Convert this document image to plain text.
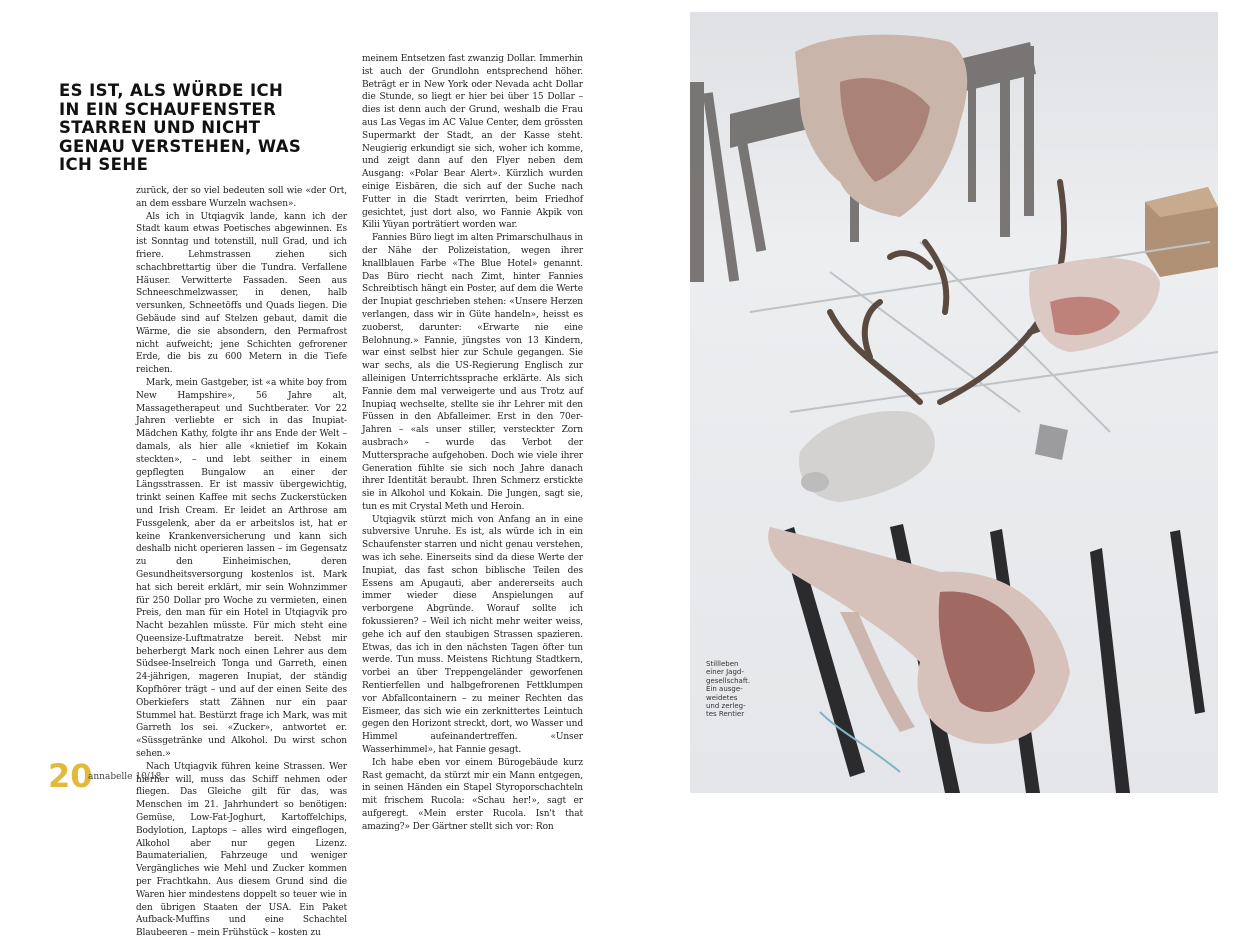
ES IST, ALS WÜRDE ICH IN EIN SCHAUFENSTER STARREN UND NICHT GENAU VERSTEHEN, WAS ICH SEHE

zurück, der so viel bedeuten soll wie «der Ort, an dem essbare Wurzeln wachsen».

Als ich in Utqiagvik lande, kann ich der Stadt kaum etwas Poetisches abgewinnen. Es ist Sonntag und totenstill, null Grad, und ich friere. Lehmstrassen ziehen sich schachbrettartig über die Tundra. Verfallene Häuser. Verwitterte Fassaden. Seen aus Schneeschmelzwasser, in denen, halb versunken, Schneetöffs und Quads liegen. Die Gebäude sind auf Stelzen gebaut, damit die Wärme, die sie absondern, den Permafrost nicht aufweicht; jene Schichten gefrorener Erde, die bis zu 600 Metern in die Tiefe reichen.

Mark, mein Gastgeber, ist «a white boy from New Hampshire», 56 Jahre alt, Massagetherapeut und Suchtberater. Vor 22 Jahren verliebte er sich in das Inupiat-Mädchen Kathy, folgte ihr ans Ende der Welt – damals, als hier alle «knietief im Kokain steckten», – und lebt seither in einem gepflegten Bungalow an einer der Längsstrassen. Er ist massiv übergewichtig, trinkt seinen Kaffee mit sechs Zuckerstücken und Irish Cream. Er leidet an Arthrose am Fussgelenk, aber da er arbeitslos ist, hat er keine Krankenversicherung und kann sich deshalb nicht operieren lassen – im Gegensatz zu den Einheimischen, deren Gesundheitsversorgung kostenlos ist. Mark hat sich bereit erklärt, mir sein Wohnzimmer für 250 Dollar pro Woche zu vermieten, einen Preis, den man für ein Hotel in Utqiagvik pro Nacht bezahlen müsste. Für mich steht eine Queensize-Luftmatratze bereit. Nebst mir beherbergt Mark noch einen Lehrer aus dem Südsee-Inselreich Tonga und Garreth, einen 24-jährigen, mageren Inupiat, der ständig Kopfhörer trägt – und auf der einen Seite des Oberkiefers statt Zähnen nur ein paar Stummel hat. Bestürzt frage ich Mark, was mit Garreth los sei. «Zucker», antwortet er. «Süssgetränke und Alkohol. Du wirst schon sehen.»

Nach Utqiagvik führen keine Strassen. Wer hierher will, muss das Schiff nehmen oder fliegen. Das Gleiche gilt für das, was Menschen im 21. Jahrhundert so benötigen: Gemüse, Low-Fat-Joghurt, Kartoffelchips, Bodylotion, Laptops – alles wird eingeflogen, Alkohol aber nur gegen Lizenz. Baumaterialien, Fahrzeuge und weniger Vergängliches wie Mehl und Zucker kommen per Frachtkahn. Aus diesem Grund sind die Waren hier mindestens doppelt so teuer wie in den übrigen Staaten der USA. Ein Paket Aufback-Muffins und eine Schachtel Blaubeeren – mein Frühstück – kosten zu

meinem Entsetzen fast zwanzig Dollar. Immerhin ist auch der Grundlohn entsprechend höher. Beträgt er in New York oder Nevada acht Dollar die Stunde, so liegt er hier bei über 15 Dollar – dies ist denn auch der Grund, weshalb die Frau aus Las Vegas im AC Value Center, dem grössten Supermarkt der Stadt, an der Kasse steht. Neugierig erkundigt sie sich, woher ich komme, und zeigt dann auf den Flyer neben dem Ausgang: «Polar Bear Alert». Kürzlich wurden einige Eisbären, die sich auf der Suche nach Futter in die Stadt verirrten, beim Friedhof gesichtet, just dort also, wo Fannie Akpik von Kilii Yüyan porträtiert worden war.

Fannies Büro liegt im alten Primarschulhaus in der Nähe der Polizeistation, wegen ihrer knallblauen Farbe «The Blue Hotel» genannt. Das Büro riecht nach Zimt, hinter Fannies Schreibtisch hängt ein Poster, auf dem die Werte der Inupiat geschrieben stehen: «Unsere Herzen verlangen, dass wir in Güte handeln», heisst es zuoberst, darunter: «Erwarte nie eine Belohnung.» Fannie, jüngstes von 13 Kindern, war einst selbst hier zur Schule gegangen. Sie war sechs, als die US-Regierung Englisch zur alleinigen Unterrichtssprache erklärte. Als sich Fannie dem mal verweigerte und aus Trotz auf Inupiaq wechselte, stellte sie ihr Lehrer mit den Füssen in den Abfalleimer. Erst in den 70er-Jahren – «als unser stiller, versteckter Zorn ausbrach» – wurde das Verbot der Muttersprache aufgehoben. Doch wie viele ihrer Generation fühlte sie sich noch Jahre danach ihrer Identität beraubt. Ihren Schmerz erstickte sie in Alkohol und Kokain. Die Jungen, sagt sie, tun es mit Crystal Meth und Heroin.

Utqiagvik stürzt mich von Anfang an in eine subversive Unruhe. Es ist, als würde ich in ein Schaufenster starren und nicht genau verstehen, was ich sehe. Einerseits sind da diese Werte der Inupiat, das fast schon biblische Teilen des Essens am Apugauti, aber andererseits auch immer wieder diese Anspielungen auf verborgene Abgründe. Worauf sollte ich fokussieren? – Weil ich nicht mehr weiter weiss, gehe ich auf den staubigen Strassen spazieren. Etwas, das ich in den nächsten Tagen öfter tun werde. Tun muss. Meistens Richtung Stadtkern, vorbei an über Treppengeländer geworfenen Rentierfellen und halbgefrorenen Fettklumpen vor Abfallcontainern – zu meiner Rechten das Eismeer, das sich wie ein zerknittertes Leintuch gegen den Horizont streckt, dort, wo Wasser und Himmel aufeinandertreffen. «Unser Wasserhimmel», hat Fannie gesagt.

Ich habe eben vor einem Bürogebäude kurz Rast gemacht, da stürzt mir ein Mann entgegen, in seinen Händen ein Stapel Styroporschachteln mit frischem Rucola: «Schau her!», sagt er aufgeregt. «Mein erster Rucola. Isn't that amazing?» Der Gärtner stellt sich vor: Ron

20
annabelle 10/18

Stillleben

einer Jagd-

gesellschaft.

Ein ausge-

weidetes

und zerleg-

tes Rentier
